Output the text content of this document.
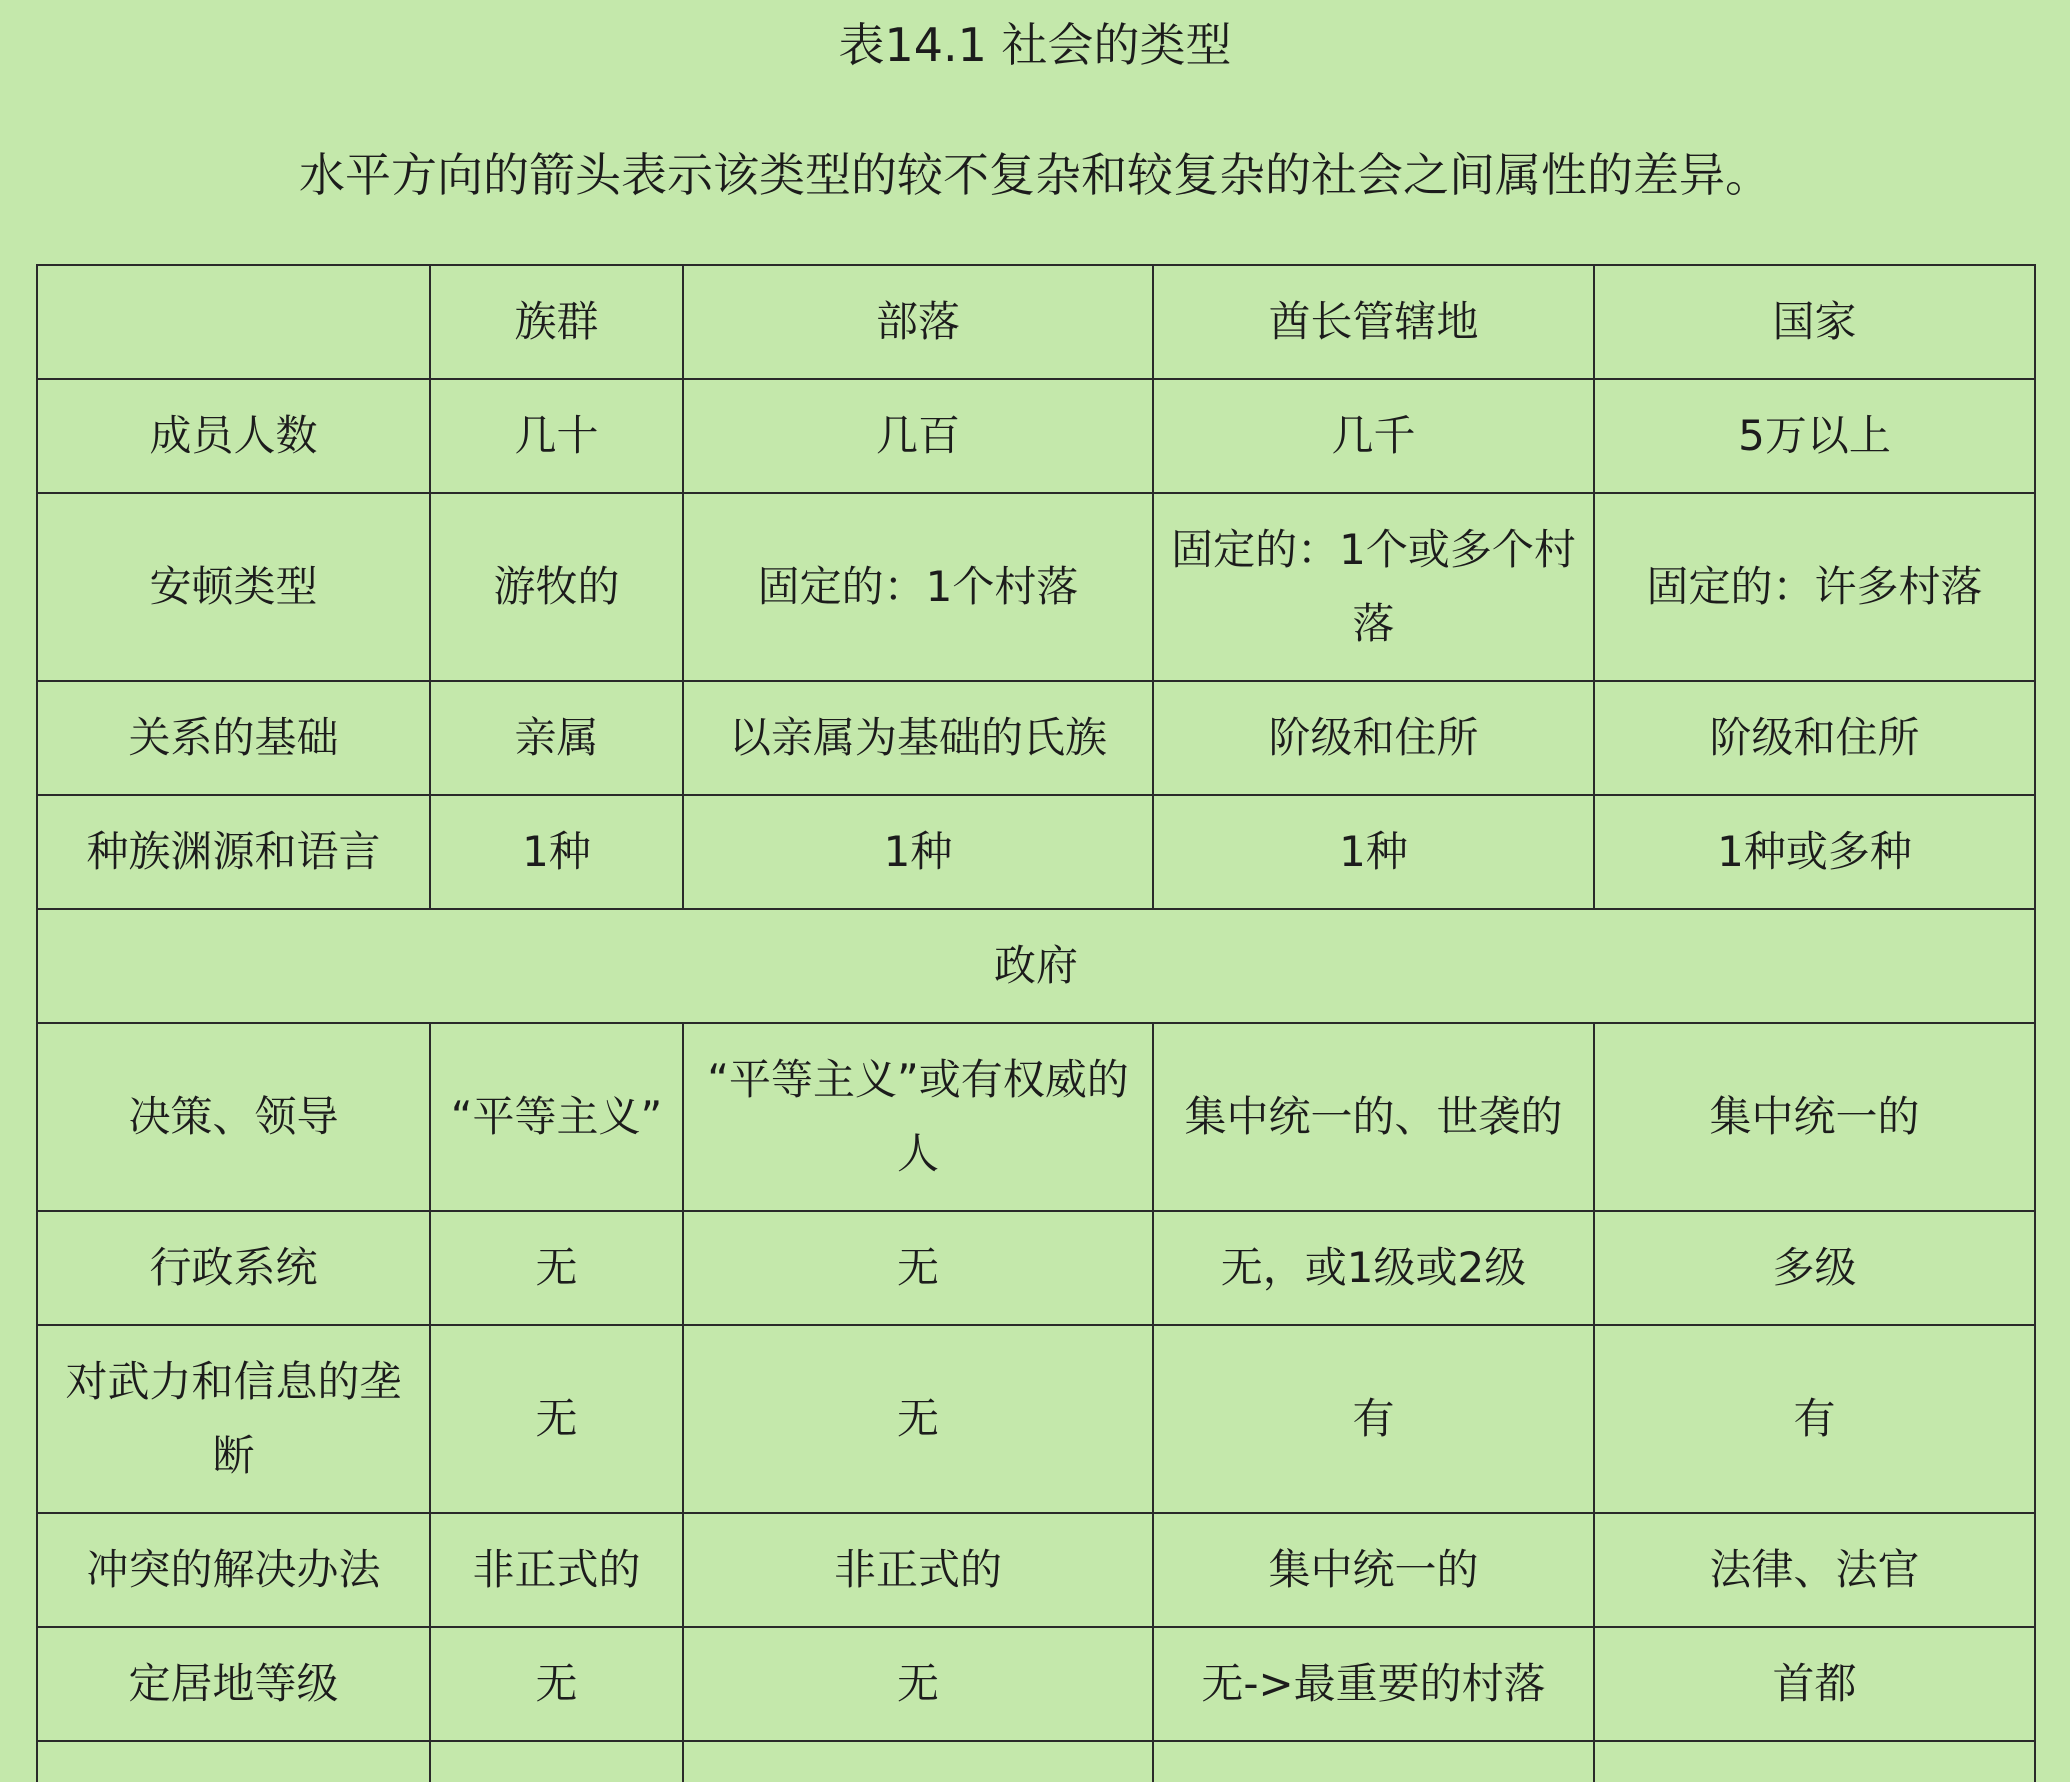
表14.1 社会的类型

水平方向的箭头表示该类型的较不复杂和较复杂的社会之间属性的差异。

	族群	部落	酋长管辖地	国家
成员人数	几十	几百	几千	5万以上
安顿类型	游牧的	固定的：1个村落	固定的：1个或多个村落	固定的：许多村落
关系的基础	亲属	以亲属为基础的氏族	阶级和住所	阶级和住所
种族渊源和语言	1种	1种	1种	1种或多种
政府				
决策、领导	“平等主义”	“平等主义”或有权威的人	集中统一的、世袭的	集中统一的
行政系统	无	无	无，或1级或2级	多级
对武力和信息的垄断	无	无	有	有
冲突的解决办法	非正式的	非正式的	集中统一的	法律、法官
定居地等级	无	无	无->最重要的村落	首都
